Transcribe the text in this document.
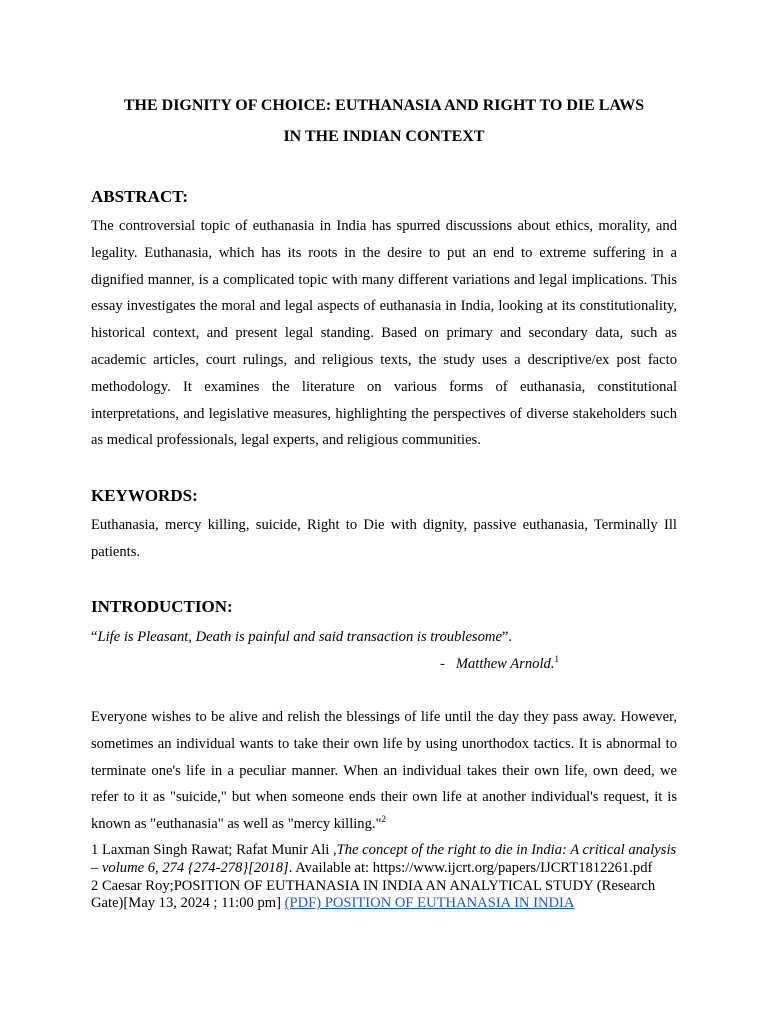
THE DIGNITY OF CHOICE: EUTHANASIA AND RIGHT TO DIE LAWS
IN THE INDIAN CONTEXT
ABSTRACT:

The controversial topic of euthanasia in India has spurred discussions about ethics, morality, and legality. Euthanasia, which has its roots in the desire to put an end to extreme suffering in a dignified manner, is a complicated topic with many different variations and legal implications. This essay investigates the moral and legal aspects of euthanasia in India, looking at its constitutionality, historical context, and present legal standing. Based on primary and secondary data, such as academic articles, court rulings, and religious texts, the study uses a descriptive/ex post facto methodology. It examines the literature on various forms of euthanasia, constitutional interpretations, and legislative measures, highlighting the perspectives of diverse stakeholders such as medical professionals, legal experts, and religious communities.

KEYWORDS:

Euthanasia, mercy killing, suicide, Right to Die with dignity, passive euthanasia, Terminally Ill patients.

INTRODUCTION:

“Life is Pleasant, Death is painful and said transaction is troublesome”.

- Matthew Arnold.$^1$

Everyone wishes to be alive and relish the blessings of life until the day they pass away. However, sometimes an individual wants to take their own life by using unorthodox tactics. It is abnormal to terminate one's life in a peculiar manner. When an individual takes their own life, own deed, we refer to it as "suicide," but when someone ends their own life at another individual's request, it is known as "euthanasia" as well as "mercy killing."$^2$

1 Laxman Singh Rawat; Rafat Munir Ali ,The concept of the right to die in India: A critical analysis – volume 6, 274 {274-278}[2018]. Available at: https://www.ijcrt.org/papers/IJCRT1812261.pdf

2 Caesar Roy;POSITION OF EUTHANASIA IN INDIA AN ANALYTICAL STUDY (Research Gate)[May 13, 2024 ; 11:00 pm] (PDF) POSITION OF EUTHANASIA IN INDIA
